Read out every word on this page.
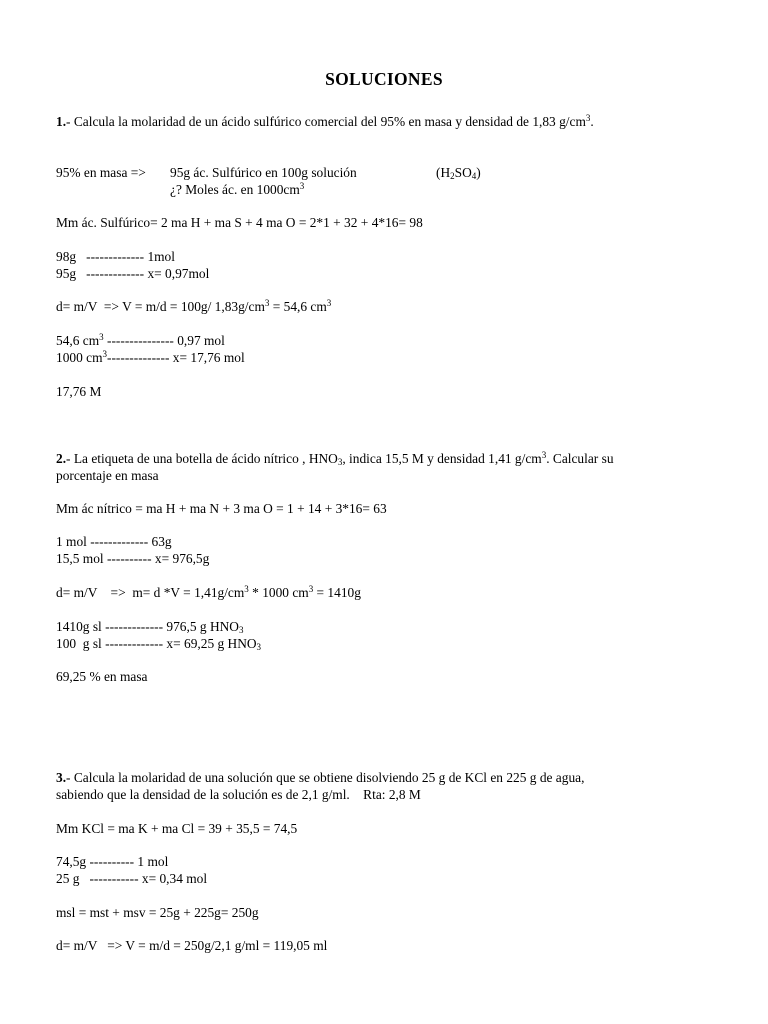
SOLUCIONES
1.- Calcula la molaridad de un ácido sulfúrico comercial del 95% en masa y densidad de 1,83 $g/cm^3$.
95% en masa => 95g ác. Sulfúrico en 100g solución	$(H_2SO_4)$
¿? Moles ác. en $1000cm^3$
Mm ác. Sulfúrico= 2 ma H + ma S + 4 ma O = 2*1 + 32 + 4*16= 98
98g   ------------- 1mol
95g   ------------- x= 0,97mol
d= m/V  => V = m/d = 100g/ $1,83g/cm^3 = 54,6$ $cm^3$
54,6 $cm^3$ --------------- 0,97 mol
1000 $cm^3--------------$ x= 17,76 mol
17,76 M
2.- La etiqueta de una botella de ácido nítrico , $HNO_3$, indica 15,5 M y densidad 1,41 $g/cm^3$. Calcular su
porcentaje en masa
Mm ác nítrico = ma H + ma N + 3 ma O = 1 + 14 + 3*16= 63
1 mol ------------- 63g
15,5 mol ---------- x= 976,5g
d= m/V    =>  m= d $*V = 1,41g/cm^3 * 1000$ $cm^3 = 1410g$
1410g sl ------------- 976,5 g $HNO_3$
100  g sl ------------- x= 69,25 g $HNO_3$
69,25 % en masa
3.- Calcula la molaridad de una solución que se obtiene disolviendo 25 g de KCl en 225 g de agua,
sabiendo que la densidad de la solución es de 2,1 g/ml.    Rta: 2,8 M
Mm KCl = ma K + ma Cl = 39 + 35,5 = 74,5
74,5g ---------- 1 mol
25 g   ----------- x= 0,34 mol
msl = mst + msv = 25g + 225g= 250g
d= m/V   => V = m/d = 250g/2,1 g/ml = 119,05 ml
